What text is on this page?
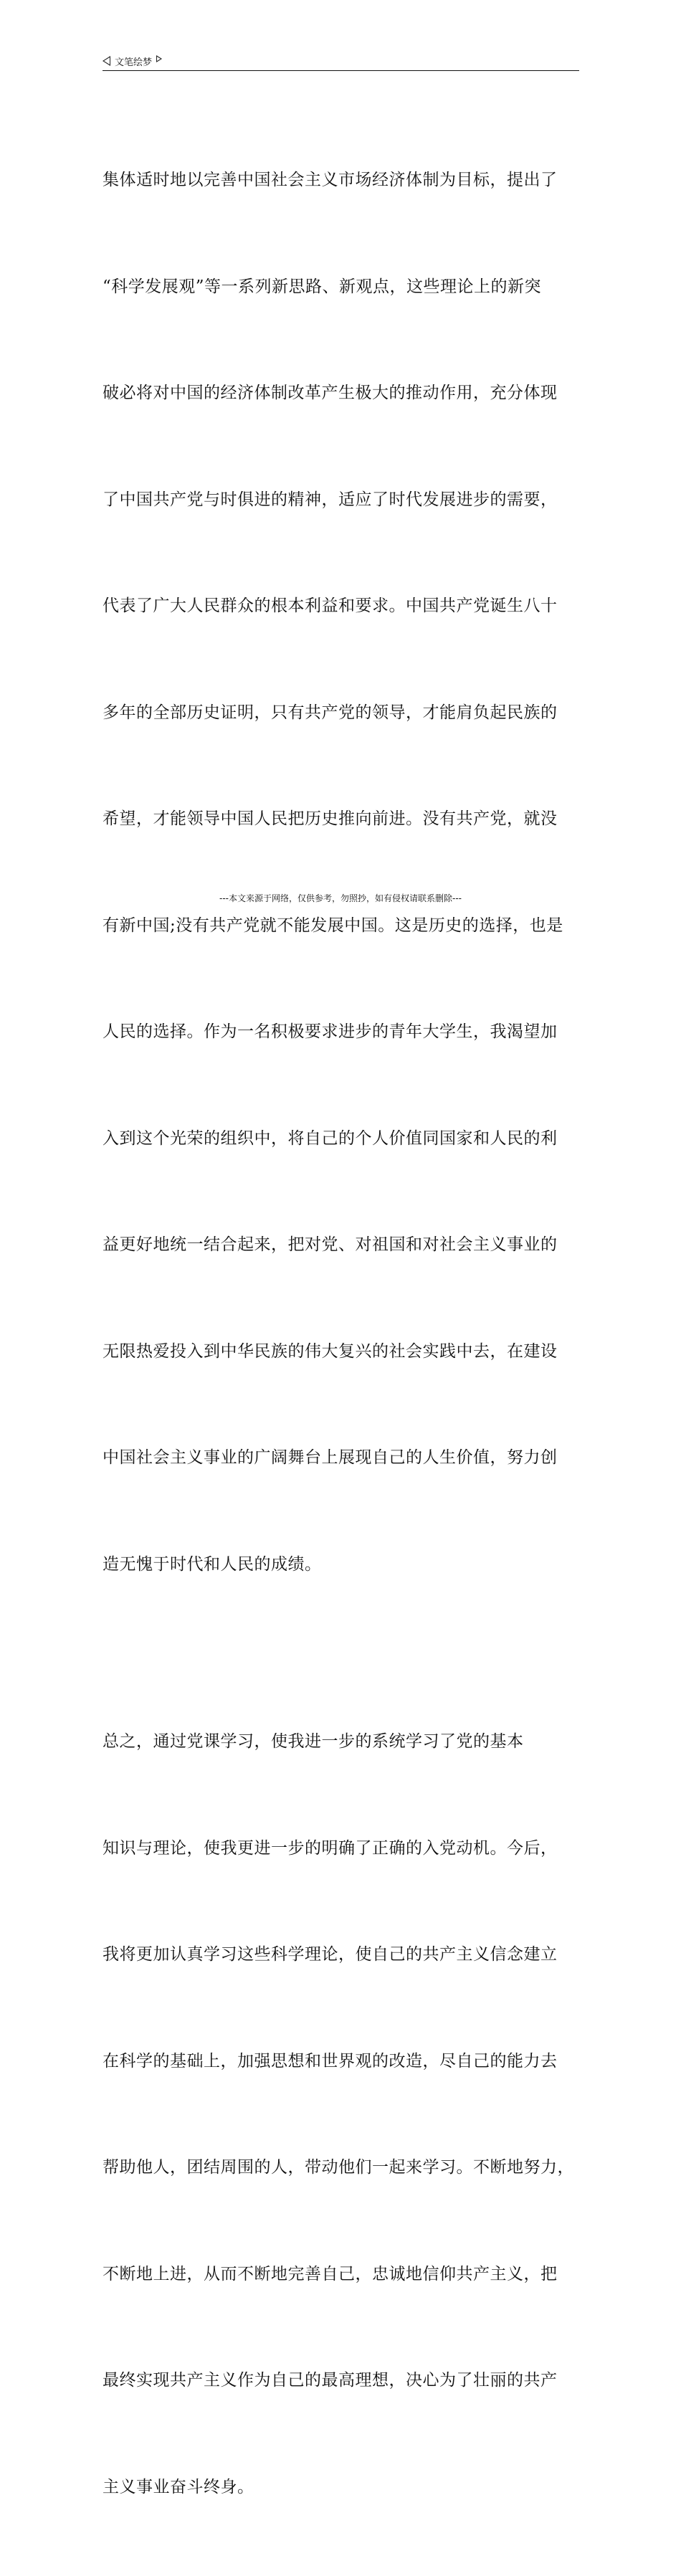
文笔绘梦

集体适时地以完善中国社会主义市场经济体制为目标，提出了

“科学发展观”等一系列新思路、新观点，这些理论上的新突

破必将对中国的经济体制改革产生极大的推动作用，充分体现

了中国共产党与时俱进的精神，适应了时代发展进步的需要，

代表了广大人民群众的根本利益和要求。中国共产党诞生八十

多年的全部历史证明，只有共产党的领导，才能肩负起民族的

希望，才能领导中国人民把历史推向前进。没有共产党，就没

有新中国;没有共产党就不能发展中国。这是历史的选择，也是

人民的选择。作为一名积极要求进步的青年大学生，我渴望加

入到这个光荣的组织中，将自己的个人价值同国家和人民的利

益更好地统一结合起来，把对党、对祖国和对社会主义事业的

无限热爱投入到中华民族的伟大复兴的社会实践中去，在建设

中国社会主义事业的广阔舞台上展现自己的人生价值，努力创

造无愧于时代和人民的成绩。

总之，通过党课学习，使我进一步的系统学习了党的基本

知识与理论，使我更进一步的明确了正确的入党动机。今后，

我将更加认真学习这些科学理论，使自己的共产主义信念建立

在科学的基础上，加强思想和世界观的改造，尽自己的能力去

帮助他人，团结周围的人，带动他们一起来学习。不断地努力，

不断地上进，从而不断地完善自己，忠诚地信仰共产主义，把

最终实现共产主义作为自己的最高理想，决心为了壮丽的共产

主义事业奋斗终身。

---本文来源于网络，仅供参考，勿照抄，如有侵权请联系删除---
